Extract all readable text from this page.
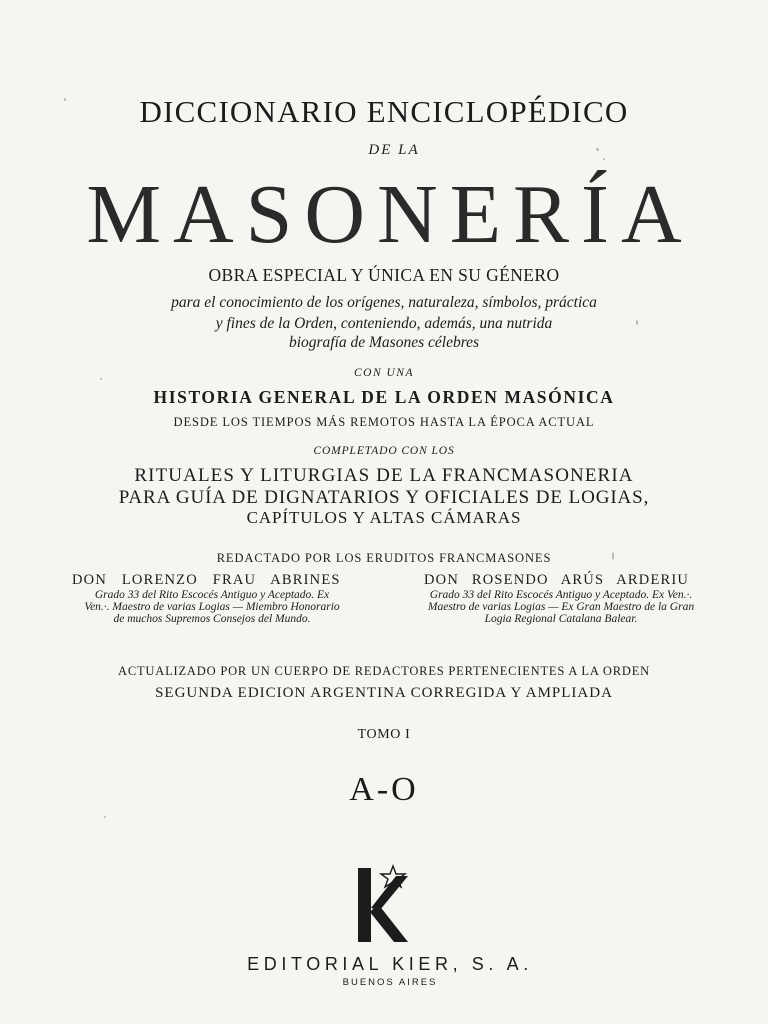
DICCIONARIO ENCICLOPÉDICO
DE LA
MASONERÍA
OBRA ESPECIAL Y ÚNICA EN SU GÉNERO
para el conocimiento de los orígenes, naturaleza, símbolos, práctica
y fines de la Orden, conteniendo, además, una nutrida
biografía de Masones célebres
CON UNA
HISTORIA GENERAL DE LA ORDEN MASÓNICA
DESDE LOS TIEMPOS MÁS REMOTOS HASTA LA ÉPOCA ACTUAL
COMPLETADO CON LOS
RITUALES Y LITURGIAS DE LA FRANCMASONERIA
PARA GUÍA DE DIGNATARIOS Y OFICIALES DE LOGIAS,
CAPÍTULOS Y ALTAS CÁMARAS
REDACTADO POR LOS ERUDITOS FRANCMASONES
DON LORENZO FRAU ABRINES
Grado 33 del Rito Escocés Antiguo y Aceptado. Ex Ven.·. Maestro de varias Logias — Miembro Honorario de muchos Supremos Consejos del Mundo.
DON ROSENDO ARÚS ARDERIU
Grado 33 del Rito Escocés Antiguo y Aceptado. Ex Ven.·. Maestro de varias Logias — Ex Gran Maestro de la Gran Logia Regional Catalana Balear.
ACTUALIZADO POR UN CUERPO DE REDACTORES PERTENECIENTES A LA ORDEN
SEGUNDA EDICION ARGENTINA CORREGIDA Y AMPLIADA
TOMO I
A-O
EDITORIAL KIER, S. A.
BUENOS AIRES
